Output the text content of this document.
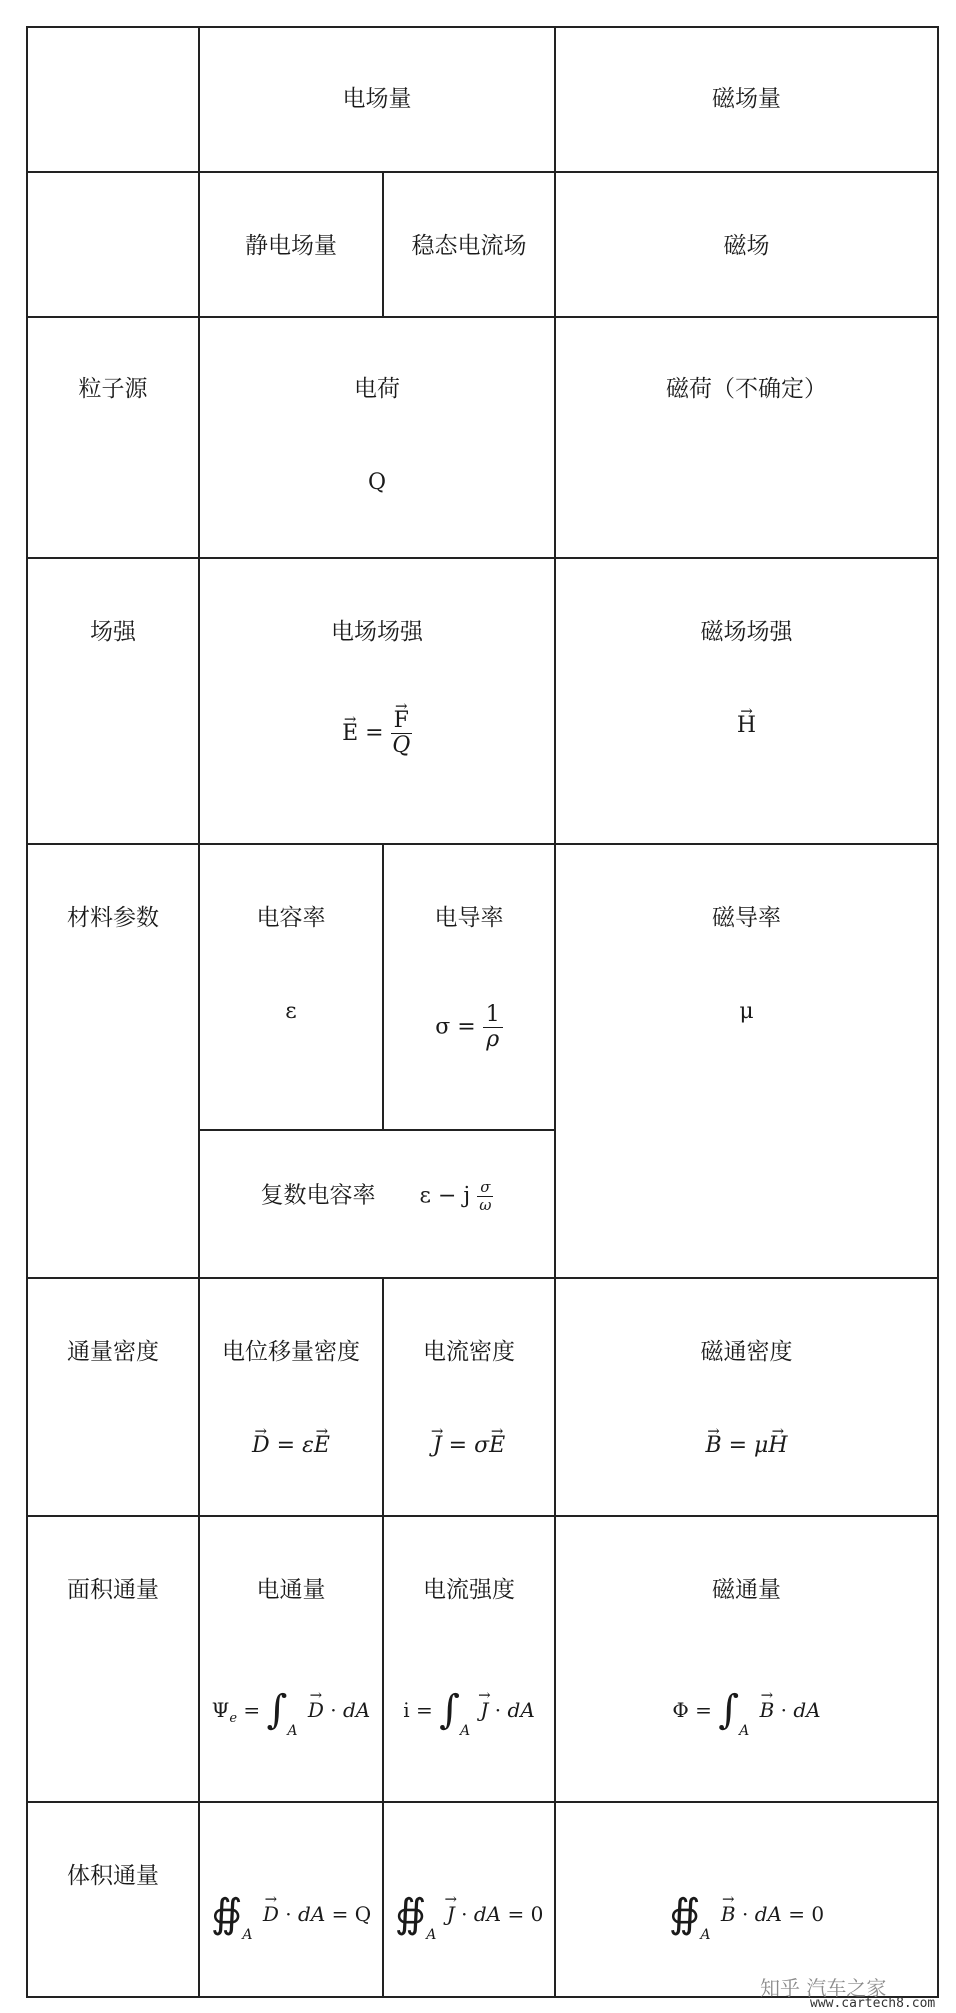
电场量	磁场量
静电场量	稳态电流场	磁场
粒子源	电荷
Q
磁荷（不确定）
场强	电场场强
→ E =
→ $\frac{F}{Q}$
磁场场强
→ H
材料参数	电容率
ε
电导率
$\sigma = \frac{1}{\rho}$
磁导率
μ
复数电容率 ε − j $\frac{\sigma}{\omega}$
通量密度	电位移量密度
→ D = ε→ E
电流密度
→ J = σ→ E
磁通密度
→ B = μ→ H
面积通量	电通量
$\Psi_e = \int_A \to D$ · dA
电流强度
$i = \int_A \to J$ · dA
磁通量
$\Phi = \int_A \to B$ · dA
体积通量
$∯_A \to D$ · dA = Q $∯_A \to J$ · dA = 0	$∯_A \to B$ · dA = 0
知乎 汽车之家
www.cartech8.com
